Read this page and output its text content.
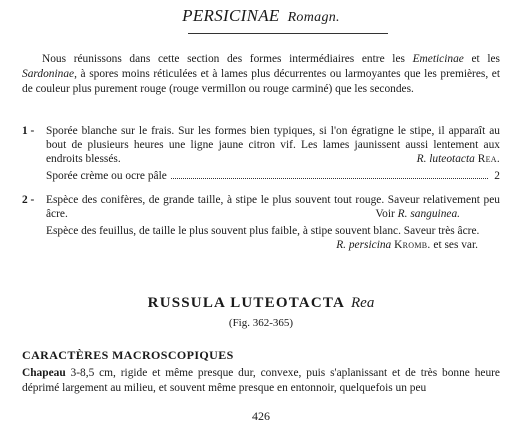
PERSICINAE Romagn.

Nous réunissons dans cette section des formes intermédiaires entre les Emeticinae et les Sardoninae, à spores moins réticulées et à lames plus décurrentes ou larmoyantes que les premières, et de couleur plus purement rouge (rouge vermillon ou rouge carminé) que les secondes.

1 - Sporée blanche sur le frais. Sur les formes bien typiques, si l'on égratigne le stipe, il apparaît au bout de plusieurs heures une ligne jaune citron vif. Les lames jaunissent aussi lentement aux endroits blessés.	R. luteotacta Rea.
Sporée crème ou ocre pâle	2
2 - Espèce des conifères, de grande taille, à stipe le plus souvent tout rouge. Saveur relativement peu âcre.	Voir R. sanguinea.
Espèce des feuillus, de taille le plus souvent plus faible, à stipe souvent blanc. Saveur très âcre.
R. persicina Kromb. et ses var.
RUSSULA LUTEOTACTA Rea
(Fig. 362-365)
CARACTÈRES MACROSCOPIQUES

Chapeau 3-8,5 cm, rigide et même presque dur, convexe, puis s'aplanissant et de très bonne heure déprimé largement au milieu, et souvent même presque en entonnoir, quelquefois un peu

426
